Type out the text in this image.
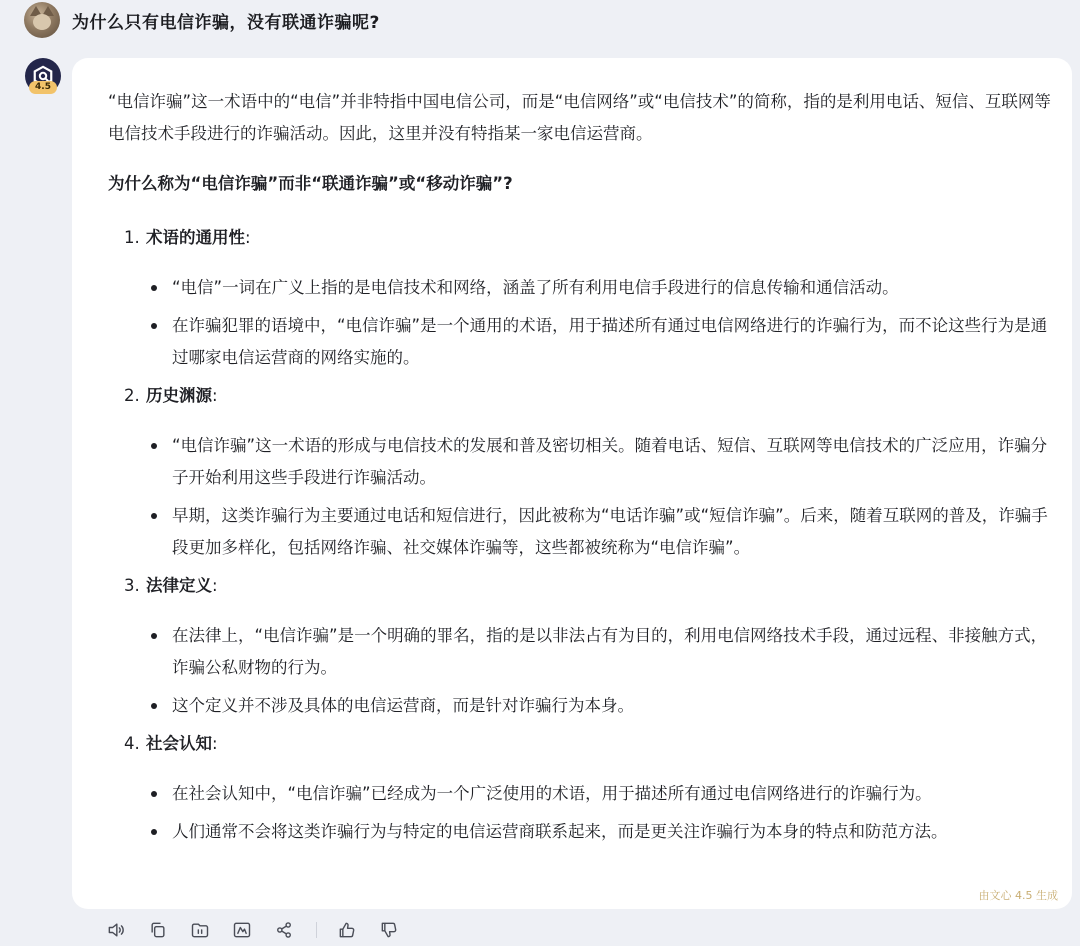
为什么只有电信诈骗，没有联通诈骗呢?
4.5

“电信诈骗”这一术语中的“电信”并非特指中国电信公司，而是“电信网络”或“电信技术”的简称，指的是利用电话、短信、互联网等电信技术手段进行的诈骗活动。因此，这里并没有特指某一家电信运营商。

为什么称为“电信诈骗”而非“联通诈骗”或“移动诈骗”?

1. 术语的通用性:
“电信”一词在广义上指的是电信技术和网络，涵盖了所有利用电信手段进行的信息传输和通信活动。
在诈骗犯罪的语境中，“电信诈骗”是一个通用的术语，用于描述所有通过电信网络进行的诈骗行为，而不论这些行为是通过哪家电信运营商的网络实施的。
2. 历史渊源:
“电信诈骗”这一术语的形成与电信技术的发展和普及密切相关。随着电话、短信、互联网等电信技术的广泛应用，诈骗分子开始利用这些手段进行诈骗活动。
早期，这类诈骗行为主要通过电话和短信进行，因此被称为“电话诈骗”或“短信诈骗”。后来，随着互联网的普及，诈骗手段更加多样化，包括网络诈骗、社交媒体诈骗等，这些都被统称为“电信诈骗”。
3. 法律定义:
在法律上，“电信诈骗”是一个明确的罪名，指的是以非法占有为目的，利用电信网络技术手段，通过远程、非接触方式，诈骗公私财物的行为。
这个定义并不涉及具体的电信运营商，而是针对诈骗行为本身。
4. 社会认知:
在社会认知中，“电信诈骗”已经成为一个广泛使用的术语，用于描述所有通过电信网络进行的诈骗行为。
人们通常不会将这类诈骗行为与特定的电信运营商联系起来，而是更关注诈骗行为本身的特点和防范方法。
由文心 4.5 生成
